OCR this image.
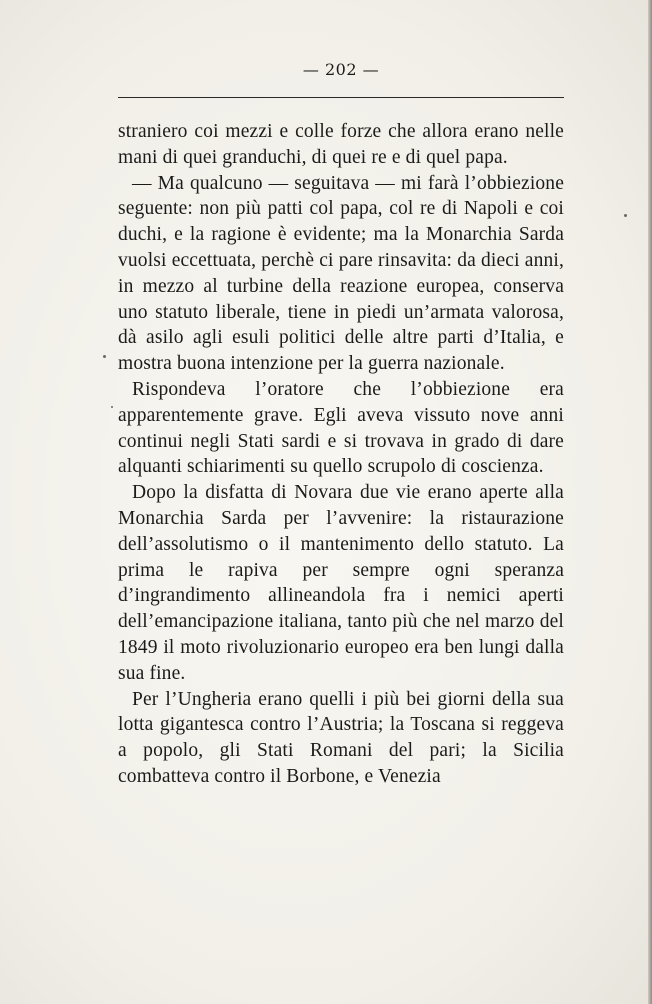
— 202 —

straniero coi mezzi e colle forze che allora erano nelle mani di quei granduchi, di quei re e di quel papa.

— Ma qualcuno — seguitava — mi farà l’obbiezione seguente: non più patti col papa, col re di Napoli e coi duchi, e la ragione è evidente; ma la Monarchia Sarda vuolsi eccettuata, perchè ci pare rinsavita: da dieci anni, in mezzo al turbine della reazione europea, conserva uno statuto liberale, tiene in piedi un’armata valorosa, dà asilo agli esuli politici delle altre parti d’Italia, e mostra buona intenzione per la guerra nazionale.

Rispondeva l’oratore che l’obbiezione era apparentemente grave. Egli aveva vissuto nove anni continui negli Stati sardi e si trovava in grado di dare alquanti schiarimenti su quello scrupolo di coscienza.

Dopo la disfatta di Novara due vie erano aperte alla Monarchia Sarda per l’avvenire: la ristaurazione dell’assolutismo o il mantenimento dello statuto. La prima le rapiva per sempre ogni speranza d’ingrandimento allineandola fra i nemici aperti dell’emancipazione italiana, tanto più che nel marzo del 1849 il moto rivoluzionario europeo era ben lungi dalla sua fine.

Per l’Ungheria erano quelli i più bei giorni della sua lotta gigantesca contro l’Austria; la Toscana si reggeva a popolo, gli Stati Romani del pari; la Sicilia combatteva contro il Borbone, e Venezia
